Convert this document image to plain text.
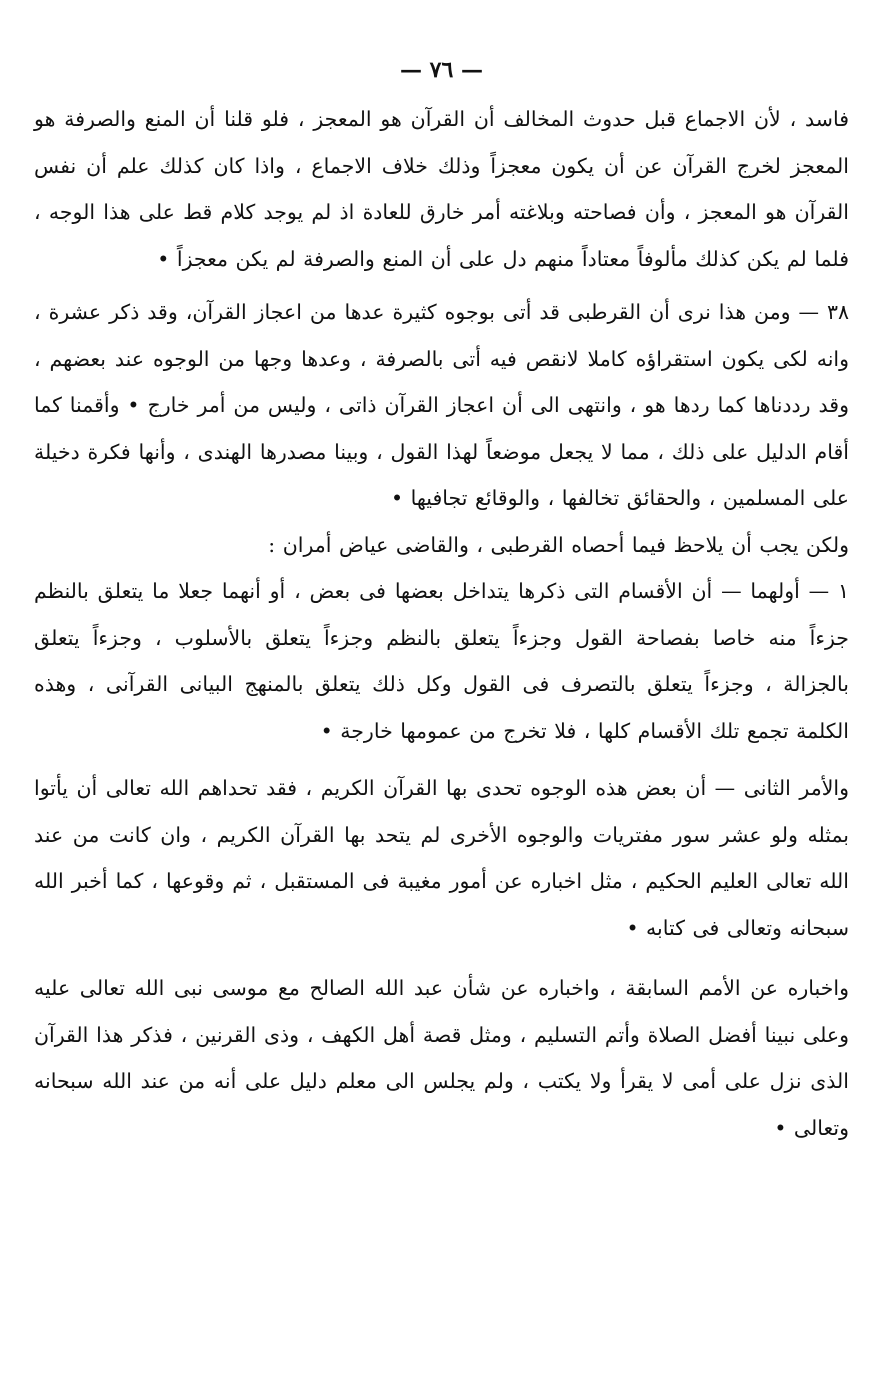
— ٧٦ —

فاسد ، لأن الاجماع قبل حدوث المخالف أن القرآن هو المعجز ، فلو قلنا أن المنع والصرفة هو المعجز لخرج القرآن عن أن يكون معجزاً وذلك خلاف الاجماع ، واذا كان كذلك علم أن نفس القرآن هو المعجز ، وأن فصاحته وبلاغته أمر خارق للعادة اذ لم يوجد كلام قط على هذا الوجه ، فلما لم يكن كذلك مألوفاً معتاداً منهم دل على أن المنع والصرفة لم يكن معجزاً •

٣٨ — ومن هذا نرى أن القرطبى قد أتى بوجوه كثيرة عدها من اعجاز القرآن، وقد ذكر عشرة ، وانه لكى يكون استقراؤه كاملا لانقص فيه أتى بالصرفة ، وعدها وجها من الوجوه عند بعضهم ، وقد رددناها كما ردها هو ، وانتهى الى أن اعجاز القرآن ذاتى ، وليس من أمر خارج • وأقمنا كما أقام الدليل على ذلك ، مما لا يجعل موضعاً لهذا القول ، وبينا مصدرها الهندى ، وأنها فكرة دخيلة على المسلمين ، والحقائق تخالفها ، والوقائع تجافيها •

ولكن يجب أن يلاحظ فيما أحصاه القرطبى ، والقاضى عياض أمران :

١ — أولهما — أن الأقسام التى ذكرها يتداخل بعضها فى بعض ، أو أنهما جعلا ما يتعلق بالنظم جزءاً منه خاصا بفصاحة القول وجزءاً يتعلق بالنظم وجزءاً يتعلق بالأسلوب ، وجزءاً يتعلق بالجزالة ، وجزءاً يتعلق بالتصرف فى القول وكل ذلك يتعلق بالمنهج البيانى القرآنى ، وهذه الكلمة تجمع تلك الأقسام كلها ، فلا تخرج من عمومها خارجة •

والأمر الثانى — أن بعض هذه الوجوه تحدى بها القرآن الكريم ، فقد تحداهم الله تعالى أن يأتوا بمثله ولو عشر سور مفتريات والوجوه الأخرى لم يتحد بها القرآن الكريم ، وان كانت من عند الله تعالى العليم الحكيم ، مثل اخباره عن أمور مغيبة فى المستقبل ، ثم وقوعها ، كما أخبر الله سبحانه وتعالى فى كتابه •

واخباره عن الأمم السابقة ، واخباره عن شأن عبد الله الصالح مع موسى نبى الله تعالى عليه وعلى نبينا أفضل الصلاة وأتم التسليم ، ومثل قصة أهل الكهف ، وذى القرنين ، فذكر هذا القرآن الذى نزل على أمى لا يقرأ ولا يكتب ، ولم يجلس الى معلم دليل على أنه من عند الله سبحانه وتعالى •
